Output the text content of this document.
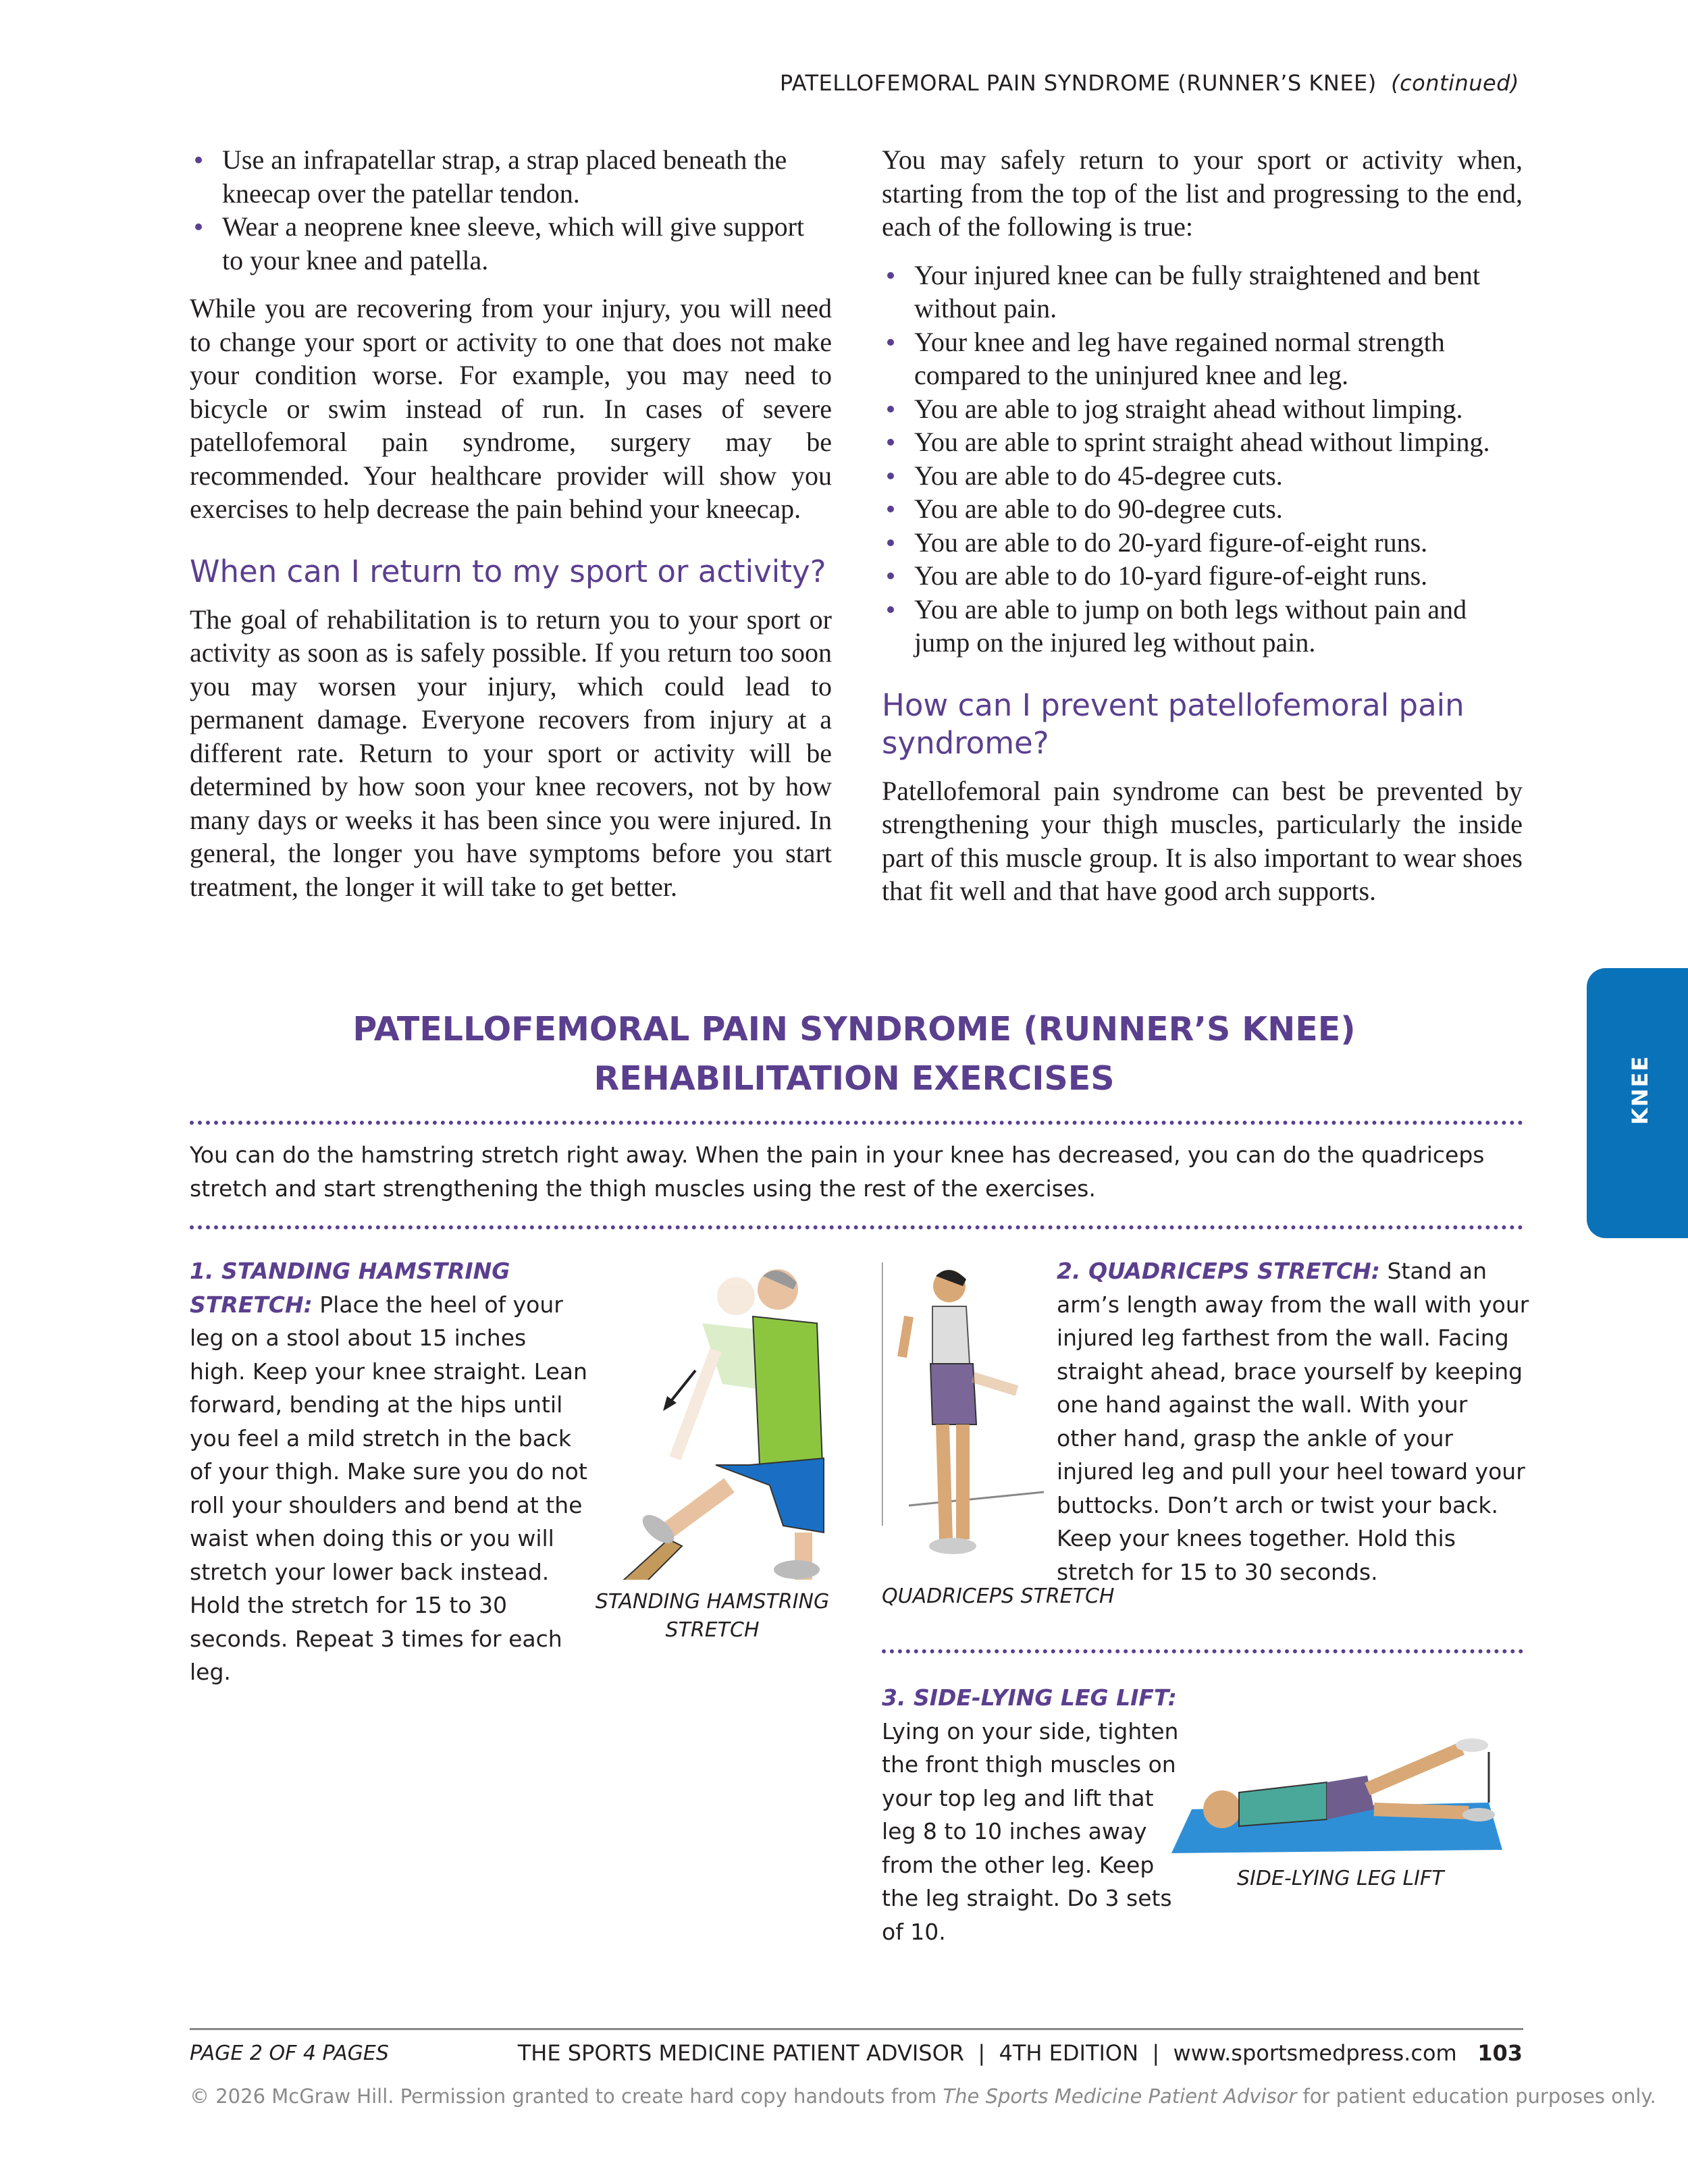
PATELLOFEMORAL PAIN SYNDROME (RUNNER’S KNEE) (continued)
Use an infrapatellar strap, a strap placed beneath the kneecap over the patellar tendon.
Wear a neoprene knee sleeve, which will give support to your knee and patella.

While you are recovering from your injury, you will need to change your sport or activity to one that does not make your condition worse. For example, you may need to bicycle or swim instead of run. In cases of severe patellofemoral pain syndrome, surgery may be recommended. Your healthcare provider will show you exercises to help decrease the pain behind your kneecap.

When can I return to my sport or activity?

The goal of rehabilitation is to return you to your sport or activity as soon as is safely possible. If you return too soon you may worsen your injury, which could lead to permanent damage. Everyone recovers from injury at a different rate. Return to your sport or activity will be determined by how soon your knee recovers, not by how many days or weeks it has been since you were injured. In general, the longer you have symptoms before you start treatment, the longer it will take to get better.

You may safely return to your sport or activity when, starting from the top of the list and progressing to the end, each of the following is true:

Your injured knee can be fully straightened and bent without pain.
Your knee and leg have regained normal strength compared to the uninjured knee and leg.
You are able to jog straight ahead without limping.
You are able to sprint straight ahead without limping.
You are able to do 45-degree cuts.
You are able to do 90-degree cuts.
You are able to do 20-yard figure-of-eight runs.
You are able to do 10-yard figure-of-eight runs.
You are able to jump on both legs without pain and jump on the injured leg without pain.
How can I prevent patellofemoral pain syndrome?

Patellofemoral pain syndrome can best be prevented by strengthening your thigh muscles, particularly the inside part of this muscle group. It is also important to wear shoes that fit well and that have good arch supports.

PATELLOFEMORAL PAIN SYNDROME (RUNNER’S KNEE)
REHABILITATION EXERCISES
You can do the hamstring stretch right away. When the pain in your knee has decreased, you can do the quadriceps stretch and start strengthening the thigh muscles using the rest of the exercises.
1. STANDING HAMSTRING STRETCH: Place the heel of your leg on a stool about 15 inches high. Keep your knee straight. Lean forward, bending at the hips until you feel a mild stretch in the back of your thigh. Make sure you do not roll your shoulders and bend at the waist when doing this or you will stretch your lower back instead. Hold the stretch for 15 to 30 seconds. Repeat 3 times for each leg.
STANDING HAMSTRING STRETCH
2. QUADRICEPS STRETCH: Stand an arm’s length away from the wall with your injured leg farthest from the wall. Facing straight ahead, brace yourself by keeping one hand against the wall. With your other hand, grasp the ankle of your injured leg and pull your heel toward your buttocks. Don’t arch or twist your back. Keep your knees together. Hold this stretch for 15 to 30 seconds.
QUADRICEPS STRETCH
3. SIDE-LYING LEG LIFT: Lying on your side, tighten the front thigh muscles on your top leg and lift that leg 8 to 10 inches away from the other leg. Keep the leg straight. Do 3 sets of 10.
SIDE-LYING LEG LIFT
KNEE
PAGE 2 OF 4 PAGES	THE SPORTS MEDICINE PATIENT ADVISOR  |  4TH EDITION  |  www.sportsmedpress.com 103
© 2026 McGraw Hill. Permission granted to create hard copy handouts from The Sports Medicine Patient Advisor for patient education purposes only.
